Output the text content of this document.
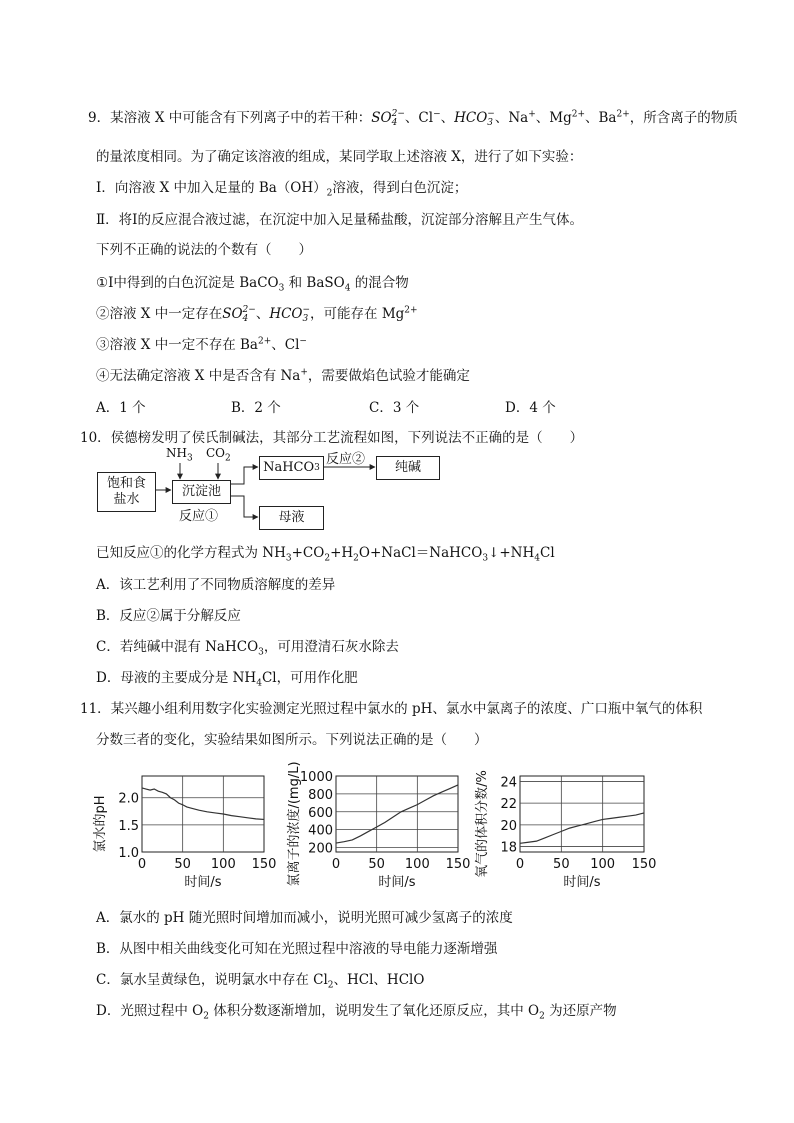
9．某溶液 X 中可能含有下列离子中的若干种：SO 2−
4 、Cl−、HCO −
3 、Na+、$Mg^{2+}$、$Ba^{2+}$，所含离子的物质
的量浓度相同。为了确定该溶液的组成，某同学取上述溶液 X，进行了如下实验：
Ⅰ．向溶液 X 中加入足量的 $Ba(OH)_2$溶液，得到白色沉淀；
Ⅱ．将Ⅰ的反应混合液过滤，在沉淀中加入足量稀盐酸，沉淀部分溶解且产生气体。
下列不正确的说法的个数有（　　）
①Ⅰ中得到的白色沉淀是 BaCO$_3$ 和 BaSO$_4$ 的混合物
②溶液 X 中一定存在SO 2−
4 、HCO −
3 ，可能存在 $Mg^{2+}$
③溶液 X 中一定不存在 $Ba^{2+}$、Cl−
④无法确定溶液 X 中是否含有 Na+，需要做焰色试验才能确定
A．1 个	B．2 个	C．3 个	D．4 个
10．侯德榜发明了侯氏制碱法，其部分工艺流程如图，下列说法不正确的是（　　）
饱和食
盐水
$NH_3$ $CO_2$
沉淀池
反应①
NaHCO 3
反应②
纯碱
母液
已知反应①的化学方程式为 $NH_3+CO_2+H_2O+NaCl=NaHCO_3↓+NH_4Cl$
A．该工艺利用了不同物质溶解度的差异
B．反应②属于分解反应
C．若纯碱中混有 NaHCO$_3$，可用澄清石灰水除去
D．母液的主要成分是 $NH_4Cl$，可用作化肥
11．某兴趣小组利用数字化实验测定光照过程中氯水的 pH、氯水中氯离子的浓度、广口瓶中氧气的体积
分数三者的变化，实验结果如图所示。下列说法正确的是（　　）
0 50 100 150
1.0
1.5
2.0
时间/s
氯水的pH
0 50 100 150
200
400
600
800
1000
时间/s
氯离子的浓度/(mg/L)	0 50 100 150
18
20
22
24
时间/s
氧气的体积分数/%
A．氯水的 pH 随光照时间增加而减小，说明光照可减少氢离子的浓度
B．从图中相关曲线变化可知在光照过程中溶液的导电能力逐渐增强
C．氯水呈黄绿色，说明氯水中存在 $Cl_2$、HCl、HClO
D．光照过程中 $O_2$ 体积分数逐渐增加，说明发生了氧化还原反应，其中 $O_2$ 为还原产物
